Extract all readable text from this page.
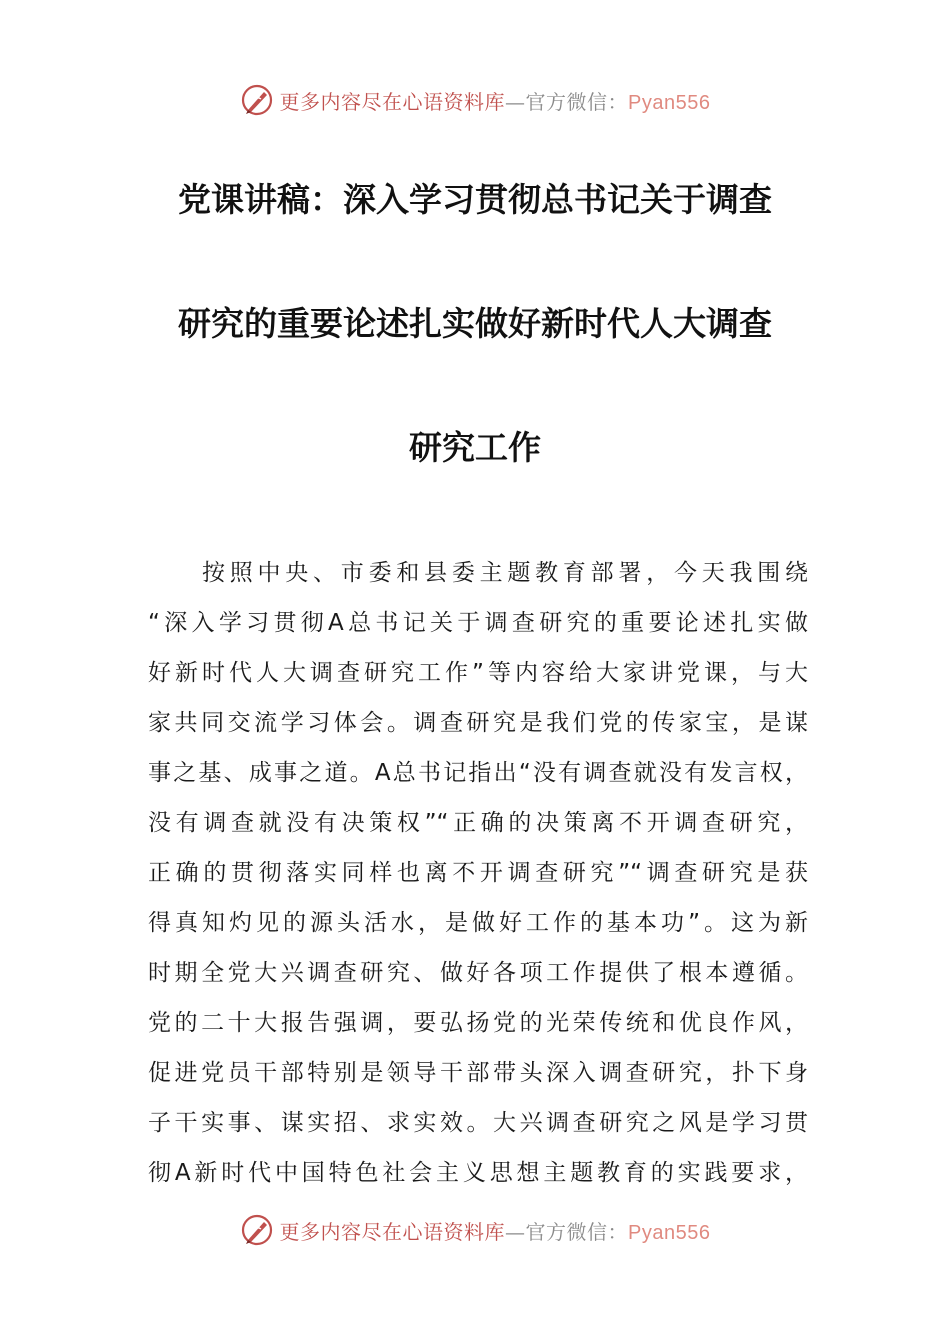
更多内容尽在心语资料库—官方微信：Pyan556
党课讲稿：深入学习贯彻总书记关于调查
研究的重要论述扎实做好新时代人大调查
研究工作
按照中央、市委和县委主题教育部署，今天我围绕
“深入学习贯彻A总书记关于调查研究的重要论述扎实做
好新时代人大调查研究工作”等内容给大家讲党课，与大
家共同交流学习体会。调查研究是我们党的传家宝，是谋
事之基、成事之道。A总书记指出“没有调查就没有发言权，
没有调查就没有决策权”“正确的决策离不开调查研究，
正确的贯彻落实同样也离不开调查研究”“调查研究是获
得真知灼见的源头活水，是做好工作的基本功”。这为新
时期全党大兴调查研究、做好各项工作提供了根本遵循。
党的二十大报告强调，要弘扬党的光荣传统和优良作风，
促进党员干部特别是领导干部带头深入调查研究，扑下身
子干实事、谋实招、求实效。大兴调查研究之风是学习贯
彻A新时代中国特色社会主义思想主题教育的实践要求，
更多内容尽在心语资料库—官方微信：Pyan556
